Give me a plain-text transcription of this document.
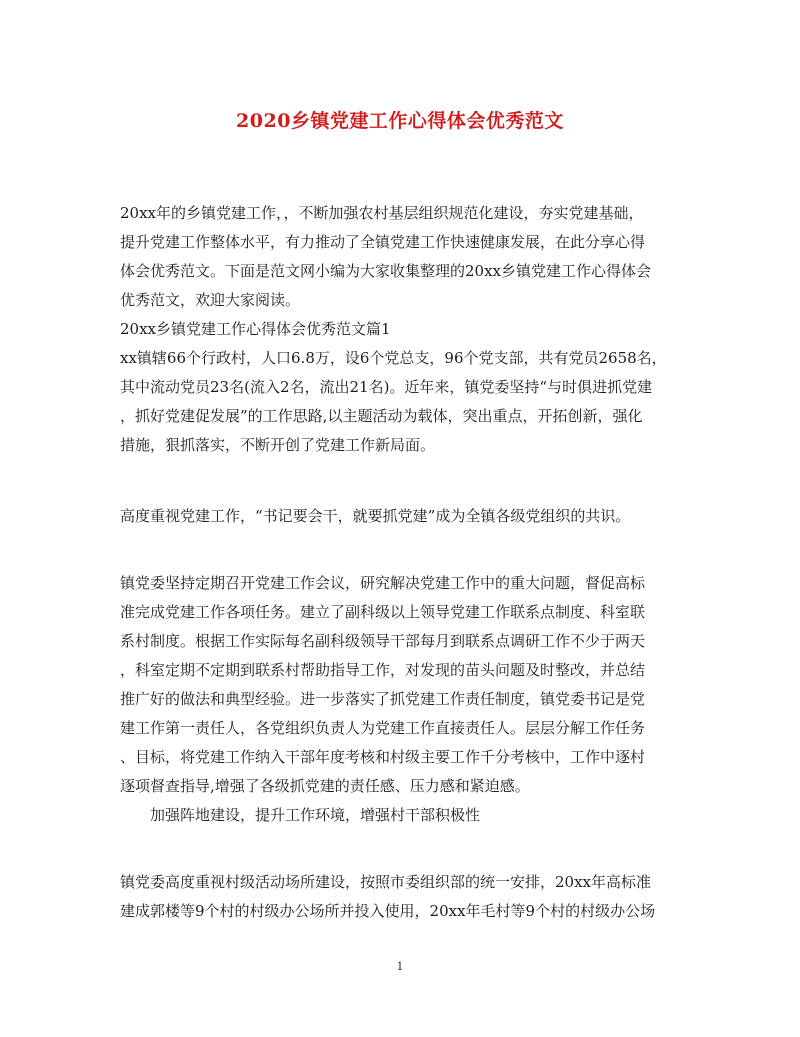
2020乡镇党建工作心得体会优秀范文
20xx年的乡镇党建工作，，不断加强农村基层组织规范化建设，夯实党建基础，
提升党建工作整体水平，有力推动了全镇党建工作快速健康发展，在此分享心得
体会优秀范文。下面是范文网小编为大家收集整理的20xx乡镇党建工作心得体会
优秀范文，欢迎大家阅读。
20xx乡镇党建工作心得体会优秀范文篇1
xx镇辖66个行政村，人口6.8万，设6个党总支，96个党支部，共有党员2658名，
其中流动党员23名(流入2名，流出21名)。近年来，镇党委坚持“与时俱进抓党建
，抓好党建促发展”的工作思路,以主题活动为载体，突出重点，开拓创新，强化
措施，狠抓落实，不断开创了党建工作新局面。
高度重视党建工作，“书记要会干，就要抓党建”成为全镇各级党组织的共识。
镇党委坚持定期召开党建工作会议，研究解决党建工作中的重大问题，督促高标
准完成党建工作各项任务。建立了副科级以上领导党建工作联系点制度、科室联
系村制度。根据工作实际每名副科级领导干部每月到联系点调研工作不少于两天
，科室定期不定期到联系村帮助指导工作，对发现的苗头问题及时整改，并总结
推广好的做法和典型经验。进一步落实了抓党建工作责任制度，镇党委书记是党
建工作第一责任人，各党组织负责人为党建工作直接责任人。层层分解工作任务
、目标，将党建工作纳入干部年度考核和村级主要工作千分考核中，工作中逐村
逐项督查指导,增强了各级抓党建的责任感、压力感和紧迫感。
加强阵地建设，提升工作环境，增强村干部积极性
镇党委高度重视村级活动场所建设，按照市委组织部的统一安排，20xx年高标准
建成郭楼等9个村的村级办公场所并投入使用，20xx年毛村等9个村的村级办公场
1
